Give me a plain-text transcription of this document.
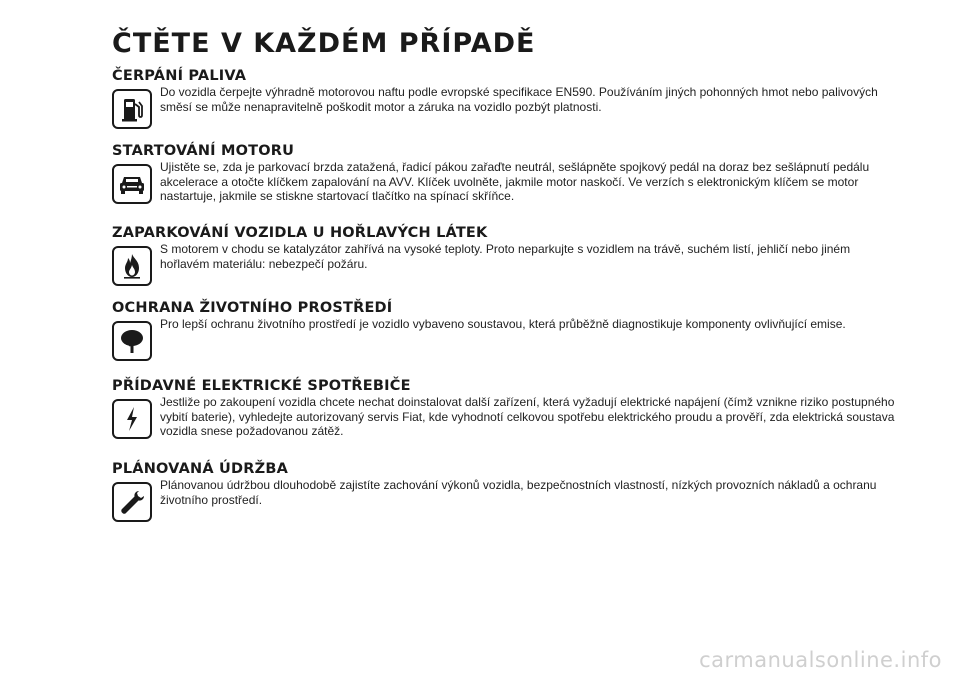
ČTĚTE V KAŽDÉM PŘÍPADĚ
ČERPÁNÍ PALIVA
Do vozidla čerpejte výhradně motorovou naftu podle evropské specifikace EN590. Používáním jiných pohonných hmot nebo palivových směsí se může nenapravitelně poškodit motor a záruka na vozidlo pozbýt platnosti.
STARTOVÁNÍ MOTORU
Ujistěte se, zda je parkovací brzda zatažená, řadicí pákou zařaďte neutrál, sešlápněte spojkový pedál na doraz bez sešlápnutí pedálu akcelerace a otočte klíčkem zapalování na AVV. Klíček uvolněte, jakmile motor naskočí. Ve verzích s elektronickým klíčem se motor nastartuje, jakmile se stiskne startovací tlačítko na spínací skříňce.
ZAPARKOVÁNÍ VOZIDLA U HOŘLAVÝCH LÁTEK
S motorem v chodu se katalyzátor zahřívá na vysoké teploty. Proto neparkujte s vozidlem na trávě, suchém listí, jehličí nebo jiném hořlavém materiálu: nebezpečí požáru.
OCHRANA ŽIVOTNÍHO PROSTŘEDÍ
Pro lepší ochranu životního prostředí je vozidlo vybaveno soustavou, která průběžně diagnostikuje komponenty ovlivňující emise.
PŘÍDAVNÉ ELEKTRICKÉ SPOTŘEBIČE
Jestliže po zakoupení vozidla chcete nechat doinstalovat další zařízení, která vyžadují elektrické napájení (čímž vznikne riziko postupného vybití baterie), vyhledejte autorizovaný servis Fiat, kde vyhodnotí celkovou spotřebu elektrického proudu a prověří, zda elektrická soustava vozidla snese požadovanou zátěž.
PLÁNOVANÁ ÚDRŽBA
Plánovanou údržbou dlouhodobě zajistíte zachování výkonů vozidla, bezpečnostních vlastností, nízkých provozních nákladů a ochranu životního prostředí.
carmanualsonline.info
